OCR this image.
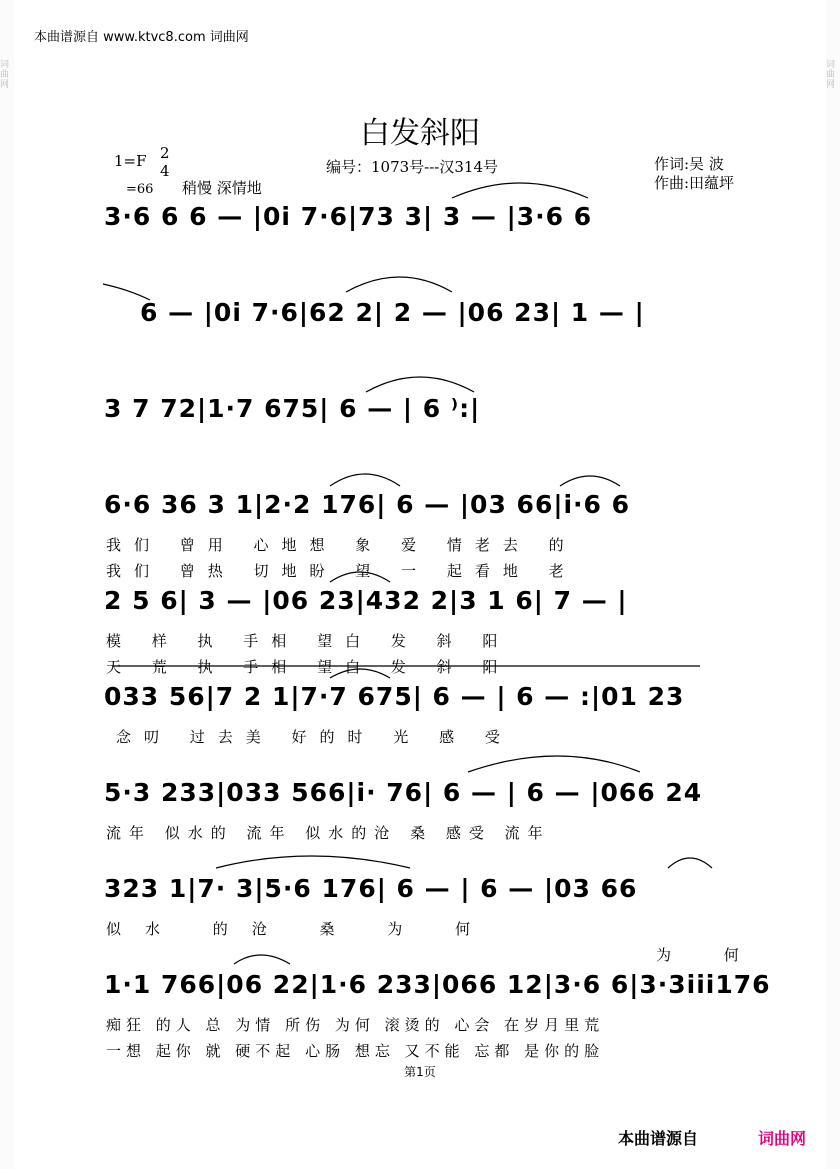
词曲网
词曲网
本曲谱源自 www.ktvc8.com 词曲网
白发斜阳
1=F 2
4
=66 稍慢 深情地
编号：1073号---汉314号	作词:吴 波
作曲:田蕴坪
3·6 6 6 — |0i 7·6|73 3| 3 — |3·6 6
6 — |0i 7·6|62 2| 2 — |06 23| 1 — |
3 7 72|1·7 675| 6 — | 6 ⁾:|
6·6 36 3 1|2·2 176| 6 — |03 66|i·6 6
我们 曾用 心地想 象 爱 情老去 的
我们 曾热 切地盼 望 一 起看地 老
2 5 6| 3 — |06 23|432 2|3 1 6| 7 — |
模 样 执 手相 望白 发 斜 阳
天 荒 执 手相 望白 发 斜 阳
033 56|7 2 1|7·7 675| 6 — | 6 — :|01 23
念叨 过去美 好的时 光 感 受
5·3 233|033 566|i· 76| 6 — | 6 — |066 24
流年 似水的 流年 似水的沧 桑 感受 流年
323 1|7· 3|5·6 176| 6 — | 6 — |03 66
似水 的沧 桑 为 何
为 何
1·1 766|06 22|1·6 233|066 12|3·6 6|3·3iii176
痴狂 的人 总 为情 所伤 为何 滚烫的 心会 在岁月里荒
一想 起你 就 硬不起 心肠 想忘 又不能 忘都 是你的脸
第1页
本曲谱源自	词曲网
